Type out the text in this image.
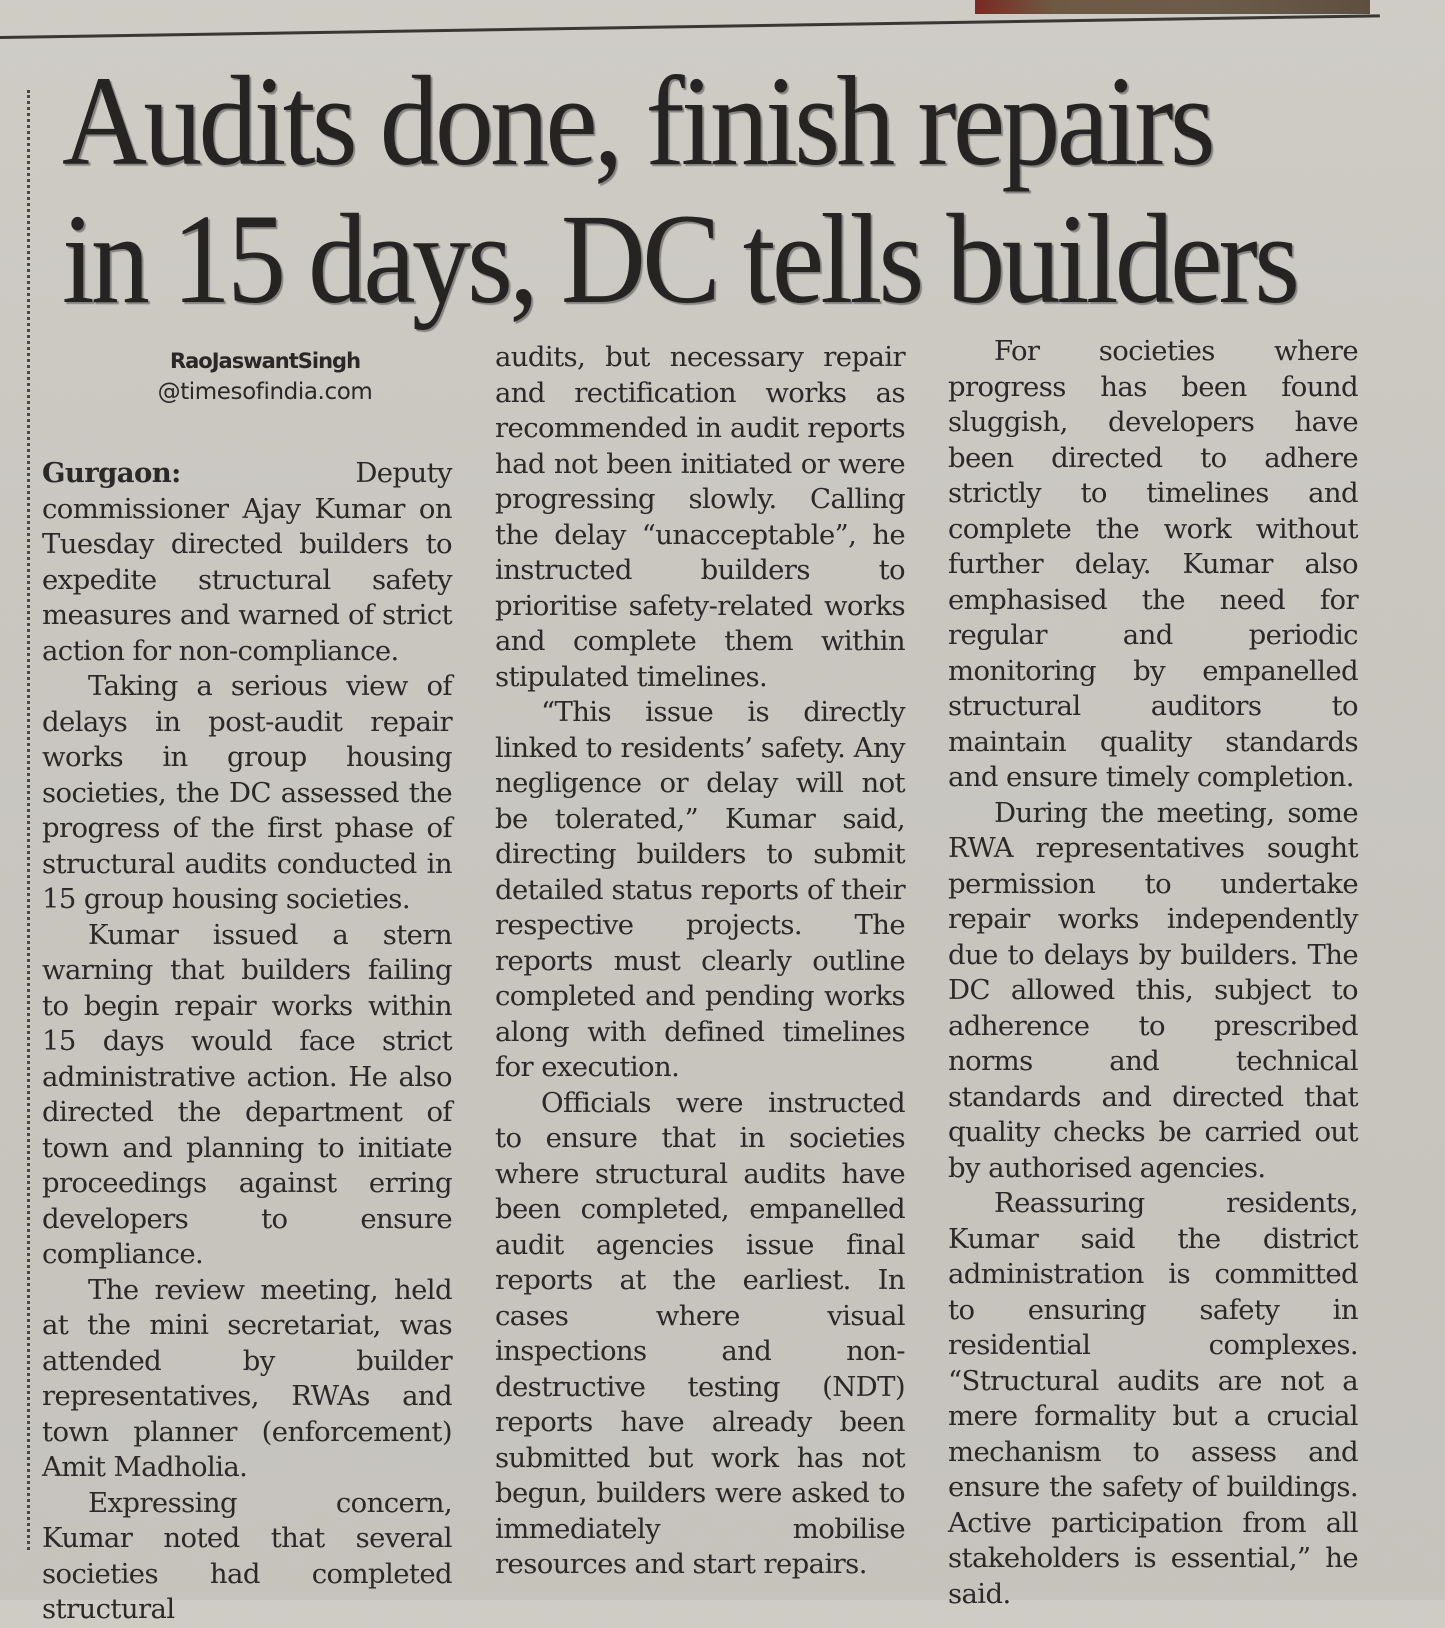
Audits done, finish repairs
in 15 days, DC tells builders
RaoJaswantSingh
@timesofindia.com

Gurgaon: Deputy commissioner Ajay Kumar on Tuesday directed builders to expedite structural safety measures and warned of strict action for non-compliance.

Taking a serious view of delays in post-audit repair works in group housing societies, the DC assessed the progress of the first phase of structural audits conducted in 15 group housing societies.

Kumar issued a stern warning that builders failing to begin repair works within 15 days would face strict administrative action. He also directed the department of town and planning to initiate proceedings against erring developers to ensure compliance.

The review meeting, held at the mini secretariat, was attended by builder representatives, RWAs and town planner (enforcement) Amit Madholia.

Expressing concern, Kumar noted that several societies had completed structural

audits, but necessary repair and rectification works as recommended in audit reports had not been initiated or were progressing slowly. Calling the delay “unacceptable”, he instructed builders to prioritise safety-related works and complete them within stipulated timelines.

“This issue is directly linked to residents’ safety. Any negligence or delay will not be tolerated,” Kumar said, directing builders to submit detailed status reports of their respective projects. The reports must clearly outline completed and pending works along with defined timelines for execution.

Officials were instructed to ensure that in societies where structural audits have been completed, empanelled audit agencies issue final reports at the earliest. In cases where visual inspections and non-destructive testing (NDT) reports have already been submitted but work has not begun, builders were asked to immediately mobilise resources and start repairs.

For societies where progress has been found sluggish, developers have been directed to adhere strictly to timelines and complete the work without further delay. Kumar also emphasised the need for regular and periodic monitoring by empanelled structural auditors to maintain quality standards and ensure timely completion.

During the meeting, some RWA representatives sought permission to undertake repair works independently due to delays by builders. The DC allowed this, subject to adherence to prescribed norms and technical standards and directed that quality checks be carried out by authorised agencies.

Reassuring residents, Kumar said the district administration is committed to ensuring safety in residential complexes. “Structural audits are not a mere formality but a crucial mechanism to assess and ensure the safety of buildings. Active participation from all stakeholders is essential,” he said.
